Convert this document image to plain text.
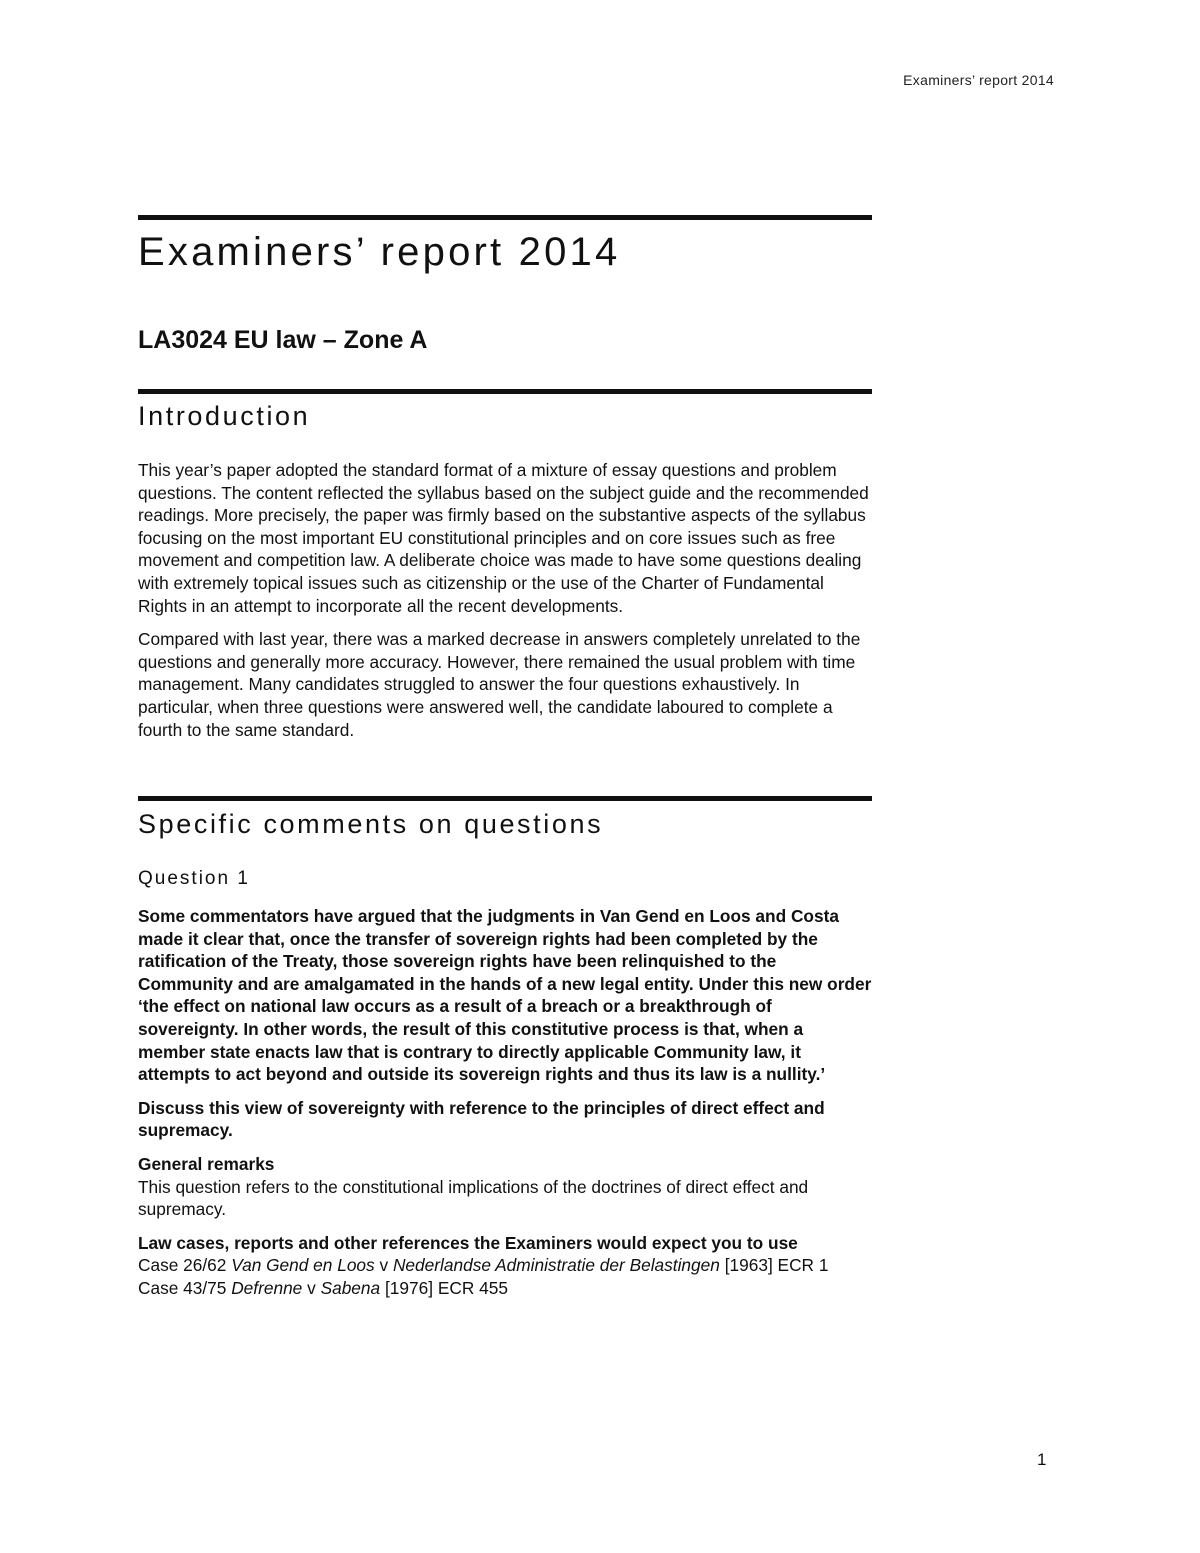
Examiners’ report 2014
Examiners’ report 2014
LA3024 EU law – Zone A
Introduction

This year’s paper adopted the standard format of a mixture of essay questions and problem questions. The content reflected the syllabus based on the subject guide and the recommended readings. More precisely, the paper was firmly based on the substantive aspects of the syllabus focusing on the most important EU constitutional principles and on core issues such as free movement and competition law. A deliberate choice was made to have some questions dealing with extremely topical issues such as citizenship or the use of the Charter of Fundamental Rights in an attempt to incorporate all the recent developments.

Compared with last year, there was a marked decrease in answers completely unrelated to the questions and generally more accuracy. However, there remained the usual problem with time management. Many candidates struggled to answer the four questions exhaustively. In particular, when three questions were answered well, the candidate laboured to complete a fourth to the same standard.

Specific comments on questions
Question 1

Some commentators have argued that the judgments in Van Gend en Loos and Costa made it clear that, once the transfer of sovereign rights had been completed by the ratification of the Treaty, those sovereign rights have been relinquished to the Community and are amalgamated in the hands of a new legal entity. Under this new order ‘the effect on national law occurs as a result of a breach or a breakthrough of sovereignty. In other words, the result of this constitutive process is that, when a member state enacts law that is contrary to directly applicable Community law, it attempts to act beyond and outside its sovereign rights and thus its law is a nullity.’

Discuss this view of sovereignty with reference to the principles of direct effect and supremacy.

General remarks
This question refers to the constitutional implications of the doctrines of direct effect and supremacy.
Law cases, reports and other references the Examiners would expect you to use
Case 26/62 Van Gend en Loos v Nederlandse Administratie der Belastingen [1963] ECR 1
Case 43/75 Defrenne v Sabena [1976] ECR 455
1
